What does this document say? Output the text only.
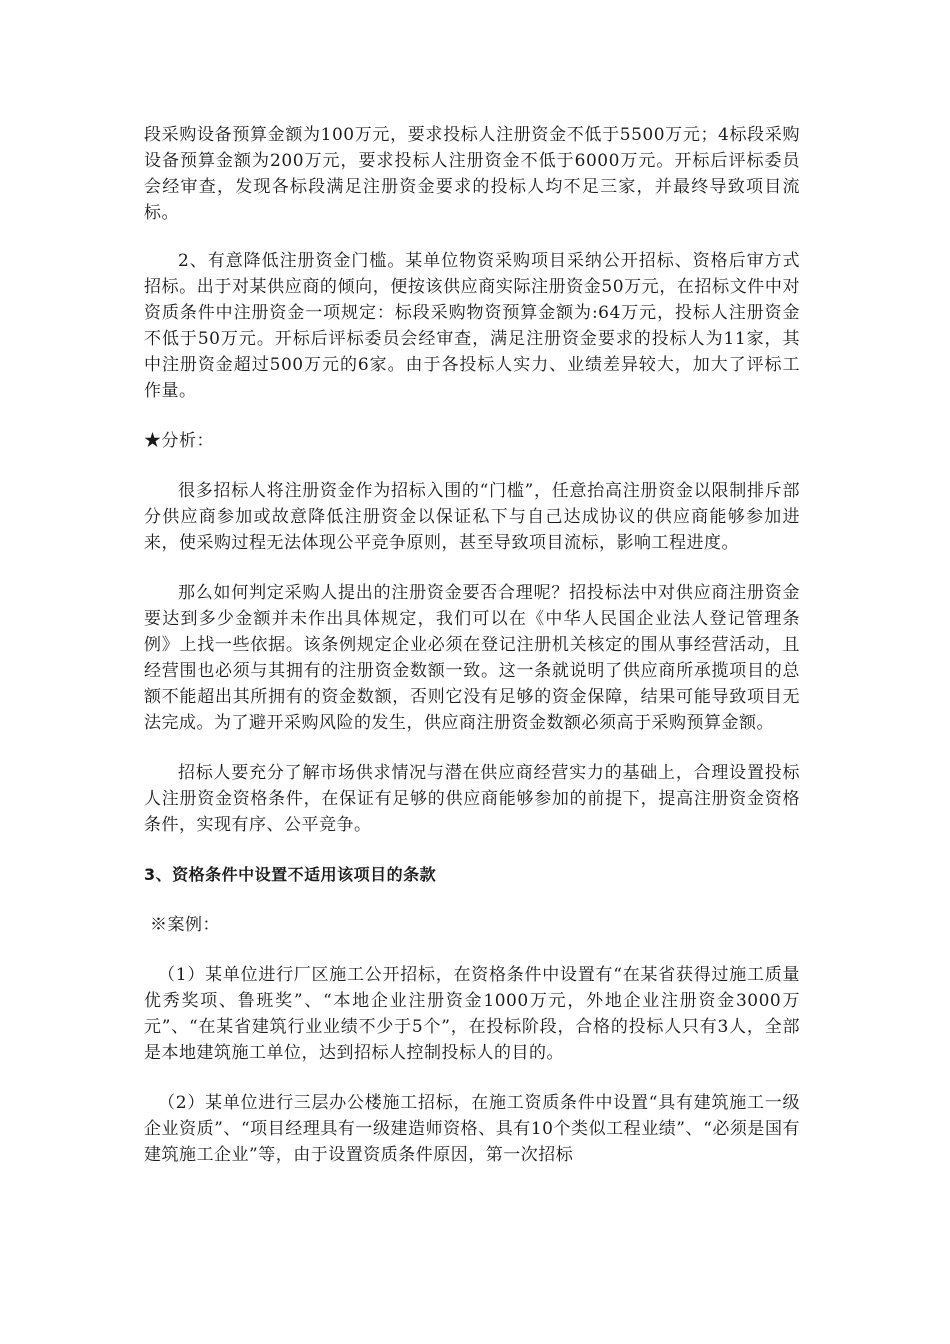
段采购设备预算金额为100万元，要求投标人注册资金不低于5500万元；4标段采购设备预算金额为200万元，要求投标人注册资金不低于6000万元。开标后评标委员会经审查，发现各标段满足注册资金要求的投标人均不足三家，并最终导致项目流标。

2、有意降低注册资金门槛。某单位物资采购项目采纳公开招标、资格后审方式招标。出于对某供应商的倾向，便按该供应商实际注册资金50万元，在招标文件中对资质条件中注册资金一项规定：标段采购物资预算金额为:64万元，投标人注册资金不低于50万元。开标后评标委员会经审查，满足注册资金要求的投标人为11家，其中注册资金超过500万元的6家。由于各投标人实力、业绩差异较大，加大了评标工作量。

★分析：

很多招标人将注册资金作为招标入围的“门槛”，任意抬高注册资金以限制排斥部分供应商参加或故意降低注册资金以保证私下与自己达成协议的供应商能够参加进来，使采购过程无法体现公平竞争原则，甚至导致项目流标，影响工程进度。

那么如何判定采购人提出的注册资金要否合理呢？招投标法中对供应商注册资金要达到多少金额并未作出具体规定，我们可以在《中华人民国企业法人登记管理条例》上找一些依据。该条例规定企业必须在登记注册机关核定的围从事经营活动，且经营围也必须与其拥有的注册资金数额一致。这一条就说明了供应商所承揽项目的总额不能超出其所拥有的资金数额，否则它没有足够的资金保障，结果可能导致项目无法完成。为了避开采购风险的发生，供应商注册资金数额必须高于采购预算金额。

招标人要充分了解市场供求情况与潜在供应商经营实力的基础上，合理设置投标人注册资金资格条件，在保证有足够的供应商能够参加的前提下，提高注册资金资格条件，实现有序、公平竞争。

3、资格条件中设置不适用该项目的条款

※案例：

（1）某单位进行厂区施工公开招标，在资格条件中设置有“在某省获得过施工质量优秀奖项、鲁班奖”、“本地企业注册资金1000万元，外地企业注册资金3000万元”、“在某省建筑行业业绩不少于5个”，在投标阶段，合格的投标人只有3人，全部是本地建筑施工单位，达到招标人控制投标人的目的。

（2）某单位进行三层办公楼施工招标，在施工资质条件中设置“具有建筑施工一级企业资质”、“项目经理具有一级建造师资格、具有10个类似工程业绩”、“必须是国有建筑施工企业”等，由于设置资质条件原因，第一次招标
